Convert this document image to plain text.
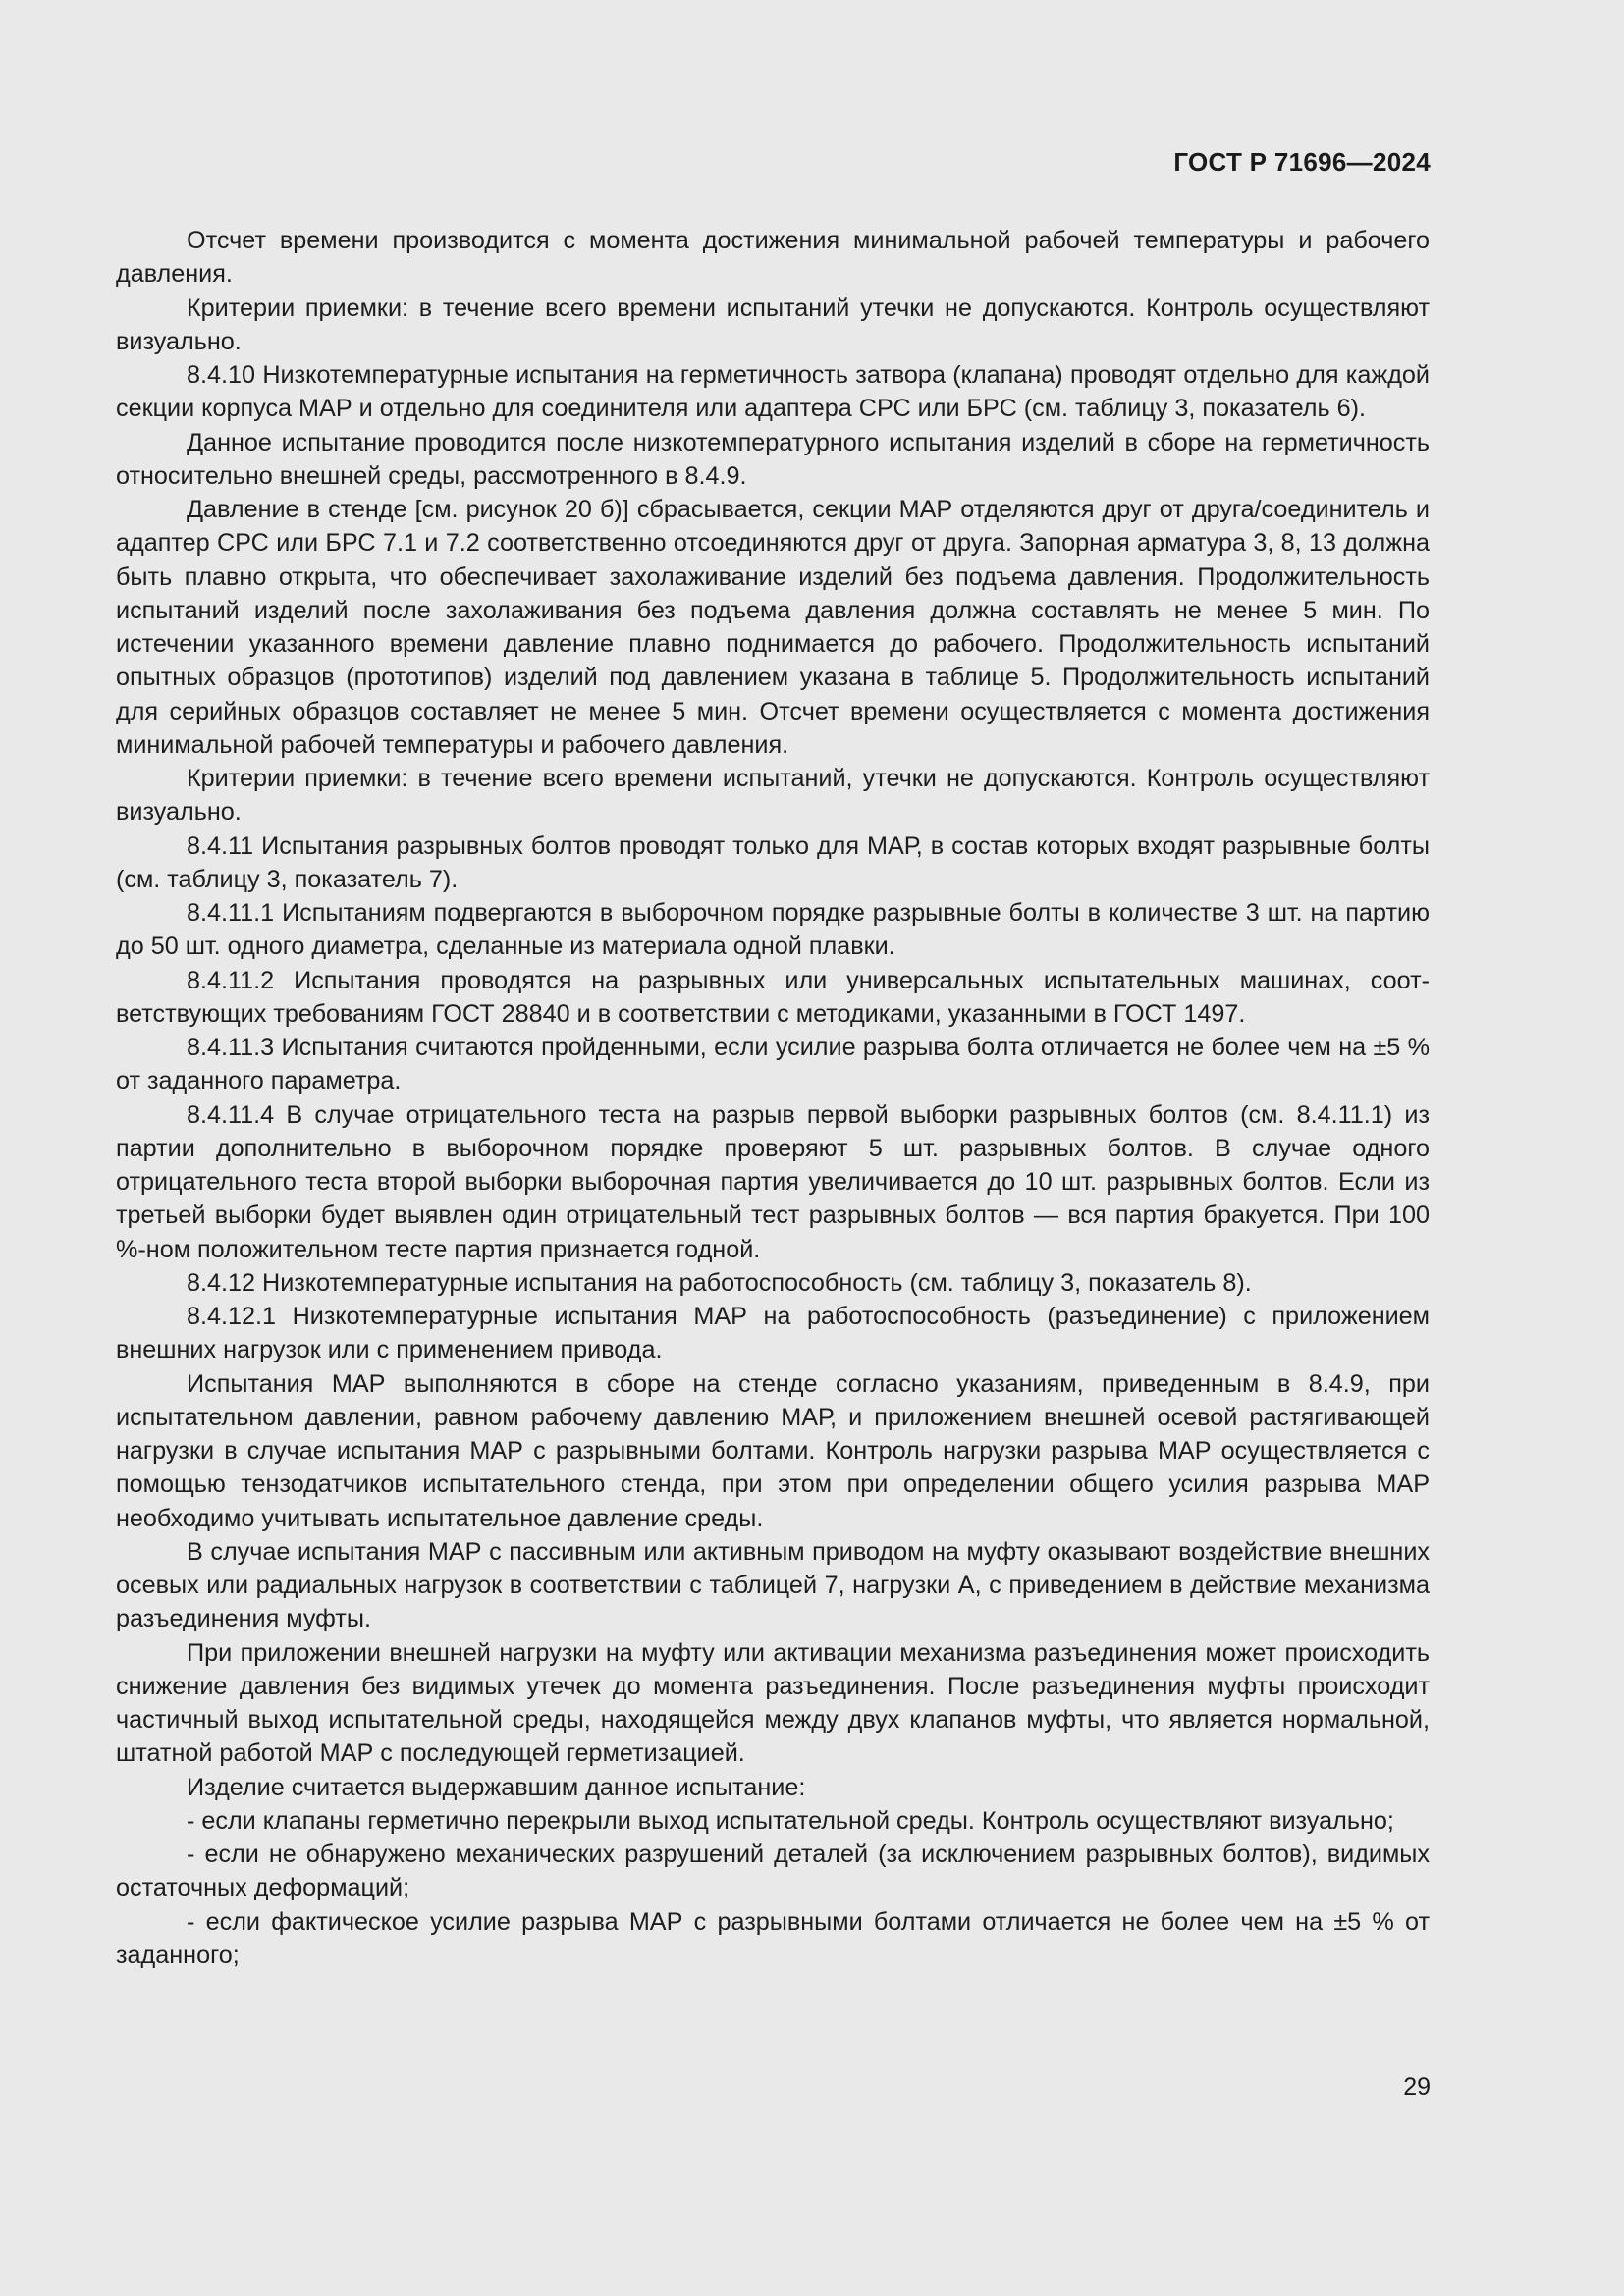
ГОСТ Р 71696—2024

Отсчет времени производится с момента достижения минимальной рабочей температуры и рабочего давления.

Критерии приемки: в течение всего времени испытаний утечки не допускаются. Контроль осуществляют визуально.

8.4.10 Низкотемпературные испытания на герметичность затвора (клапана) проводят отдельно для каждой секции корпуса МАР и отдельно для соединителя или адаптера СРС или БРС (см. таблицу 3, показатель 6).

Данное испытание проводится после низкотемпературного испытания изделий в сборе на герметичность относительно внешней среды, рассмотренного в 8.4.9.

Давление в стенде [см. рисунок 20 б)] сбрасывается, секции МАР отделяются друг от друга/соединитель и адаптер СРС или БРС 7.1 и 7.2 соответственно отсоединяются друг от друга. Запорная арматура 3, 8, 13 должна быть плавно открыта, что обеспечивает захолаживание изделий без подъема давления. Продолжительность испытаний изделий после захолаживания без подъема давления должна составлять не менее 5 мин. По истечении указанного времени давление плавно поднимается до рабочего. Продолжительность испытаний опытных образцов (прототипов) изделий под давлением указана в таблице 5. Продолжительность испытаний для серийных образцов составляет не менее 5 мин. Отсчет времени осуществляется с момента достижения минимальной рабочей температуры и рабочего давления.

Критерии приемки: в течение всего времени испытаний, утечки не допускаются. Контроль осуществляют визуально.

8.4.11 Испытания разрывных болтов проводят только для МАР, в состав которых входят разрывные болты (см. таблицу 3, показатель 7).

8.4.11.1 Испытаниям подвергаются в выборочном порядке разрывные болты в количестве 3 шт. на партию до 50 шт. одного диаметра, сделанные из материала одной плавки.

8.4.11.2 Испытания проводятся на разрывных или универсальных испытательных машинах, соответствующих требованиям ГОСТ 28840 и в соответствии с методиками, указанными в ГОСТ 1497.

8.4.11.3 Испытания считаются пройденными, если усилие разрыва болта отличается не более чем на ±5 % от заданного параметра.

8.4.11.4 В случае отрицательного теста на разрыв первой выборки разрывных болтов (см. 8.4.11.1) из партии дополнительно в выборочном порядке проверяют 5 шт. разрывных болтов. В случае одного отрицательного теста второй выборки выборочная партия увеличивается до 10 шт. разрывных болтов. Если из третьей выборки будет выявлен один отрицательный тест разрывных болтов — вся партия бракуется. При 100 %-ном положительном тесте партия признается годной.

8.4.12 Низкотемпературные испытания на работоспособность (см. таблицу 3, показатель 8).

8.4.12.1 Низкотемпературные испытания МАР на работоспособность (разъединение) с приложением внешних нагрузок или с применением привода.

Испытания МАР выполняются в сборе на стенде согласно указаниям, приведенным в 8.4.9, при испытательном давлении, равном рабочему давлению МАР, и приложением внешней осевой растягивающей нагрузки в случае испытания МАР с разрывными болтами. Контроль нагрузки разрыва МАР осуществляется с помощью тензодатчиков испытательного стенда, при этом при определении общего усилия разрыва МАР необходимо учитывать испытательное давление среды.

В случае испытания МАР с пассивным или активным приводом на муфту оказывают воздействие внешних осевых или радиальных нагрузок в соответствии с таблицей 7, нагрузки А, с приведением в действие механизма разъединения муфты.

При приложении внешней нагрузки на муфту или активации механизма разъединения может происходить снижение давления без видимых утечек до момента разъединения. После разъединения муфты происходит частичный выход испытательной среды, находящейся между двух клапанов муфты, что является нормальной, штатной работой МАР с последующей герметизацией.

Изделие считается выдержавшим данное испытание:

- если клапаны герметично перекрыли выход испытательной среды. Контроль осуществляют визуально;

- если не обнаружено механических разрушений деталей (за исключением разрывных болтов), видимых остаточных деформаций;

- если фактическое усилие разрыва МАР с разрывными болтами отличается не более чем на ±5 % от заданного;

29
